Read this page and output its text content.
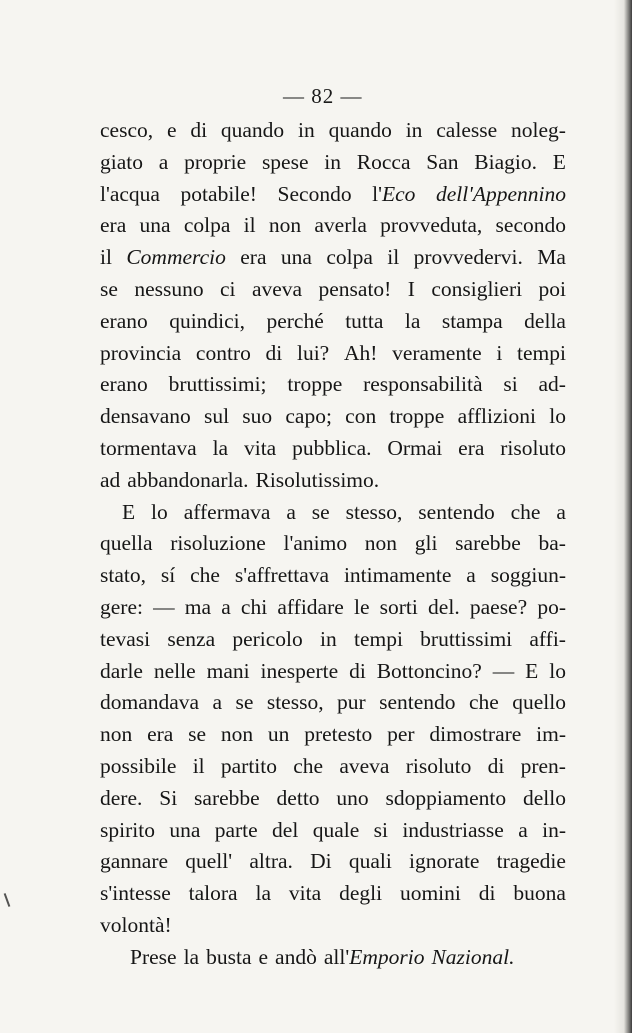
— 82 —
cesco, e di quando in quando in calesse noleg-
giato a proprie spese in Rocca San Biagio. E
l'acqua potabile! Secondo l'Eco dell'Appennino
era una colpa il non averla provveduta, secondo
il Commercio era una colpa il provvedervi. Ma
se nessuno ci aveva pensato! I consiglieri poi
erano quindici, perché tutta la stampa della
provincia contro di lui? Ah! veramente i tempi
erano bruttissimi; troppe responsabilità si ad-
densavano sul suo capo; con troppe afflizioni lo
tormentava la vita pubblica. Ormai era risoluto
ad abbandonarla. Risolutissimo.
E lo affermava a se stesso, sentendo che a
quella risoluzione l'animo non gli sarebbe ba-
stato, sí che s'affrettava intimamente a soggiun-
gere: — ma a chi affidare le sorti del. paese? po-
tevasi senza pericolo in tempi bruttissimi affi-
darle nelle mani inesperte di Bottoncino? — E lo
domandava a se stesso, pur sentendo che quello
non era se non un pretesto per dimostrare im-
possibile il partito che aveva risoluto di pren-
dere. Si sarebbe detto uno sdoppiamento dello
spirito una parte del quale si industriasse a in-
gannare quell' altra. Di quali ignorate tragedie
s'intesse talora la vita degli uomini di buona
volontà!
Prese la busta e andò all'Emporio Nazional.
